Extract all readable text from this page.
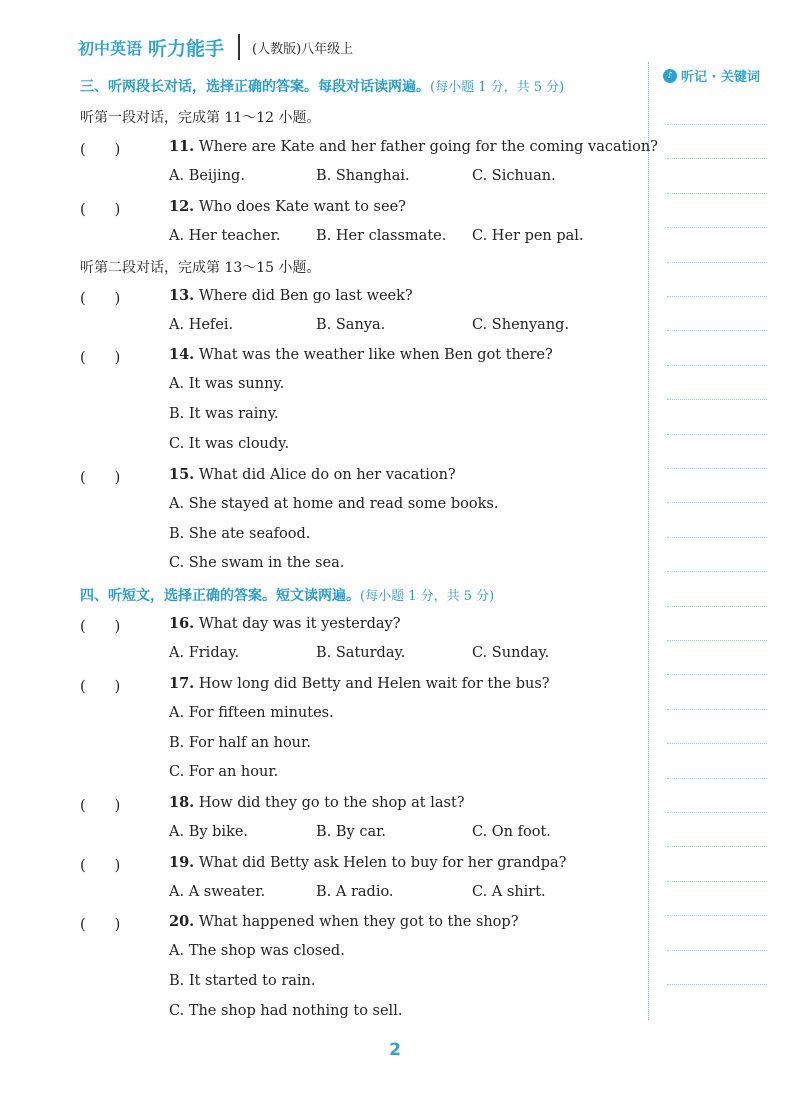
初中英语 听力能手 (人教版)八年级上
♪ 听记 · 关键词
三、听两段长对话，选择正确的答案。每段对话读两遍。(每小题 1 分，共 5 分)
听第一段对话，完成第 11～12 小题。
(　　)	11. Where are Kate and her father going for the coming vacation?
A. Beijing.	B. Shanghai.	C. Sichuan.
(　　)	12. Who does Kate want to see?
A. Her teacher. B. Her classmate. C. Her pen pal.
听第二段对话，完成第 13～15 小题。
(　　)	13. Where did Ben go last week?
A. Hefei.	B. Sanya.	C. Shenyang.
(　　)	14. What was the weather like when Ben got there?
A. It was sunny.
B. It was rainy.
C. It was cloudy.
(　　)	15. What did Alice do on her vacation?
A. She stayed at home and read some books.
B. She ate seafood.
C. She swam in the sea.
四、听短文，选择正确的答案。短文读两遍。(每小题 1 分，共 5 分)
(　　)	16. What day was it yesterday?
A. Friday.	B. Saturday.	C. Sunday.
(　　)	17. How long did Betty and Helen wait for the bus?
A. For fifteen minutes.
B. For half an hour.
C. For an hour.
(　　)	18. How did they go to the shop at last?
A. By bike.	B. By car.	C. On foot.
(　　)	19. What did Betty ask Helen to buy for her grandpa?
A. A sweater.	B. A radio.	C. A shirt.
(　　)	20. What happened when they got to the shop?
A. The shop was closed.
B. It started to rain.
C. The shop had nothing to sell.
2
